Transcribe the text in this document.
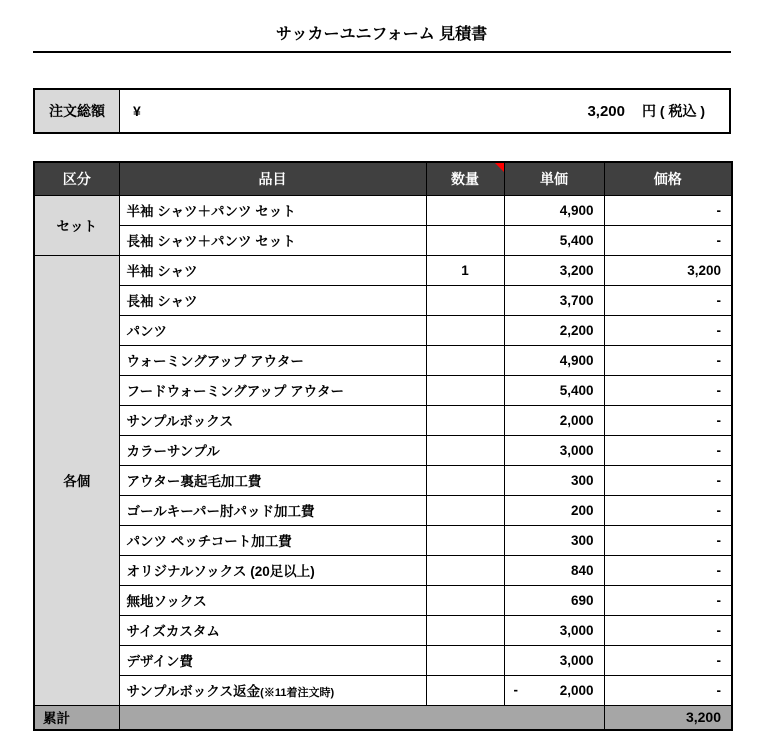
サッカーユニフォーム 見積書
注文総額	¥	3,200 円 ( 税込 )
区分	品目	数量	単価	価格
セット	半袖 シャツ＋パンツ セット		4,900	-
	長袖 シャツ＋パンツ セット		5,400	-
各個	半袖 シャツ	1	3,200	3,200
	長袖 シャツ		3,700	-
	パンツ		2,200	-
	ウォーミングアップ アウター		4,900	-
	フードウォーミングアップ アウター		5,400	-
	サンプルボックス		2,000	-
	カラーサンプル		3,000	-
	アウター裏起毛加工費		300	-
	ゴールキーパー肘パッド加工費		200	-
	パンツ ペッチコート加工費		300	-
	オリジナルソックス (20足以上)		840	-
	無地ソックス		690	-
	サイズカスタム		3,000	-
	デザイン費		3,000	-
	サンプルボックス返金(※11着注文時)		- 2,000	-
累計				3,200
